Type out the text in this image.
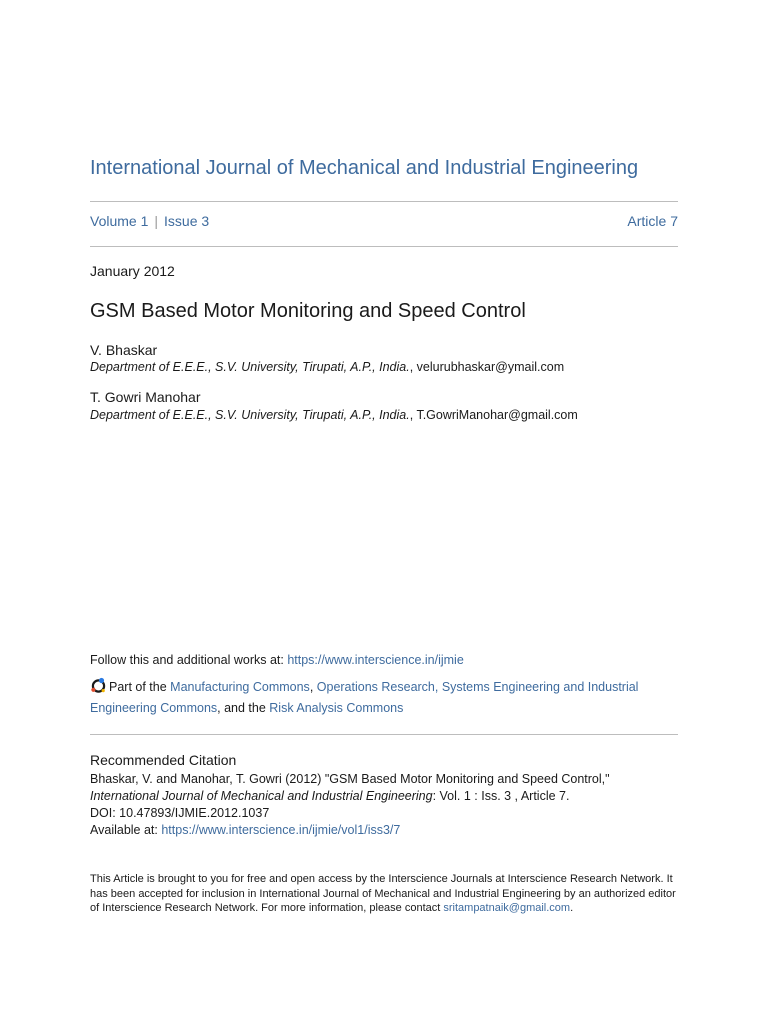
International Journal of Mechanical and Industrial Engineering
Volume 1 | Issue 3	Article 7
January 2012
GSM Based Motor Monitoring and Speed Control
V. Bhaskar
Department of E.E.E., S.V. University, Tirupati, A.P., India., velurubhaskar@ymail.com
T. Gowri Manohar
Department of E.E.E., S.V. University, Tirupati, A.P., India., T.GowriManohar@gmail.com
Follow this and additional works at: https://www.interscience.in/ijmie
Part of the Manufacturing Commons, Operations Research, Systems Engineering and Industrial Engineering Commons, and the Risk Analysis Commons
Recommended Citation
Bhaskar, V. and Manohar, T. Gowri (2012) "GSM Based Motor Monitoring and Speed Control," International Journal of Mechanical and Industrial Engineering: Vol. 1 : Iss. 3 , Article 7.
DOI: 10.47893/IJMIE.2012.1037
Available at: https://www.interscience.in/ijmie/vol1/iss3/7
This Article is brought to you for free and open access by the Interscience Journals at Interscience Research Network. It has been accepted for inclusion in International Journal of Mechanical and Industrial Engineering by an authorized editor of Interscience Research Network. For more information, please contact sritampatnaik@gmail.com.
